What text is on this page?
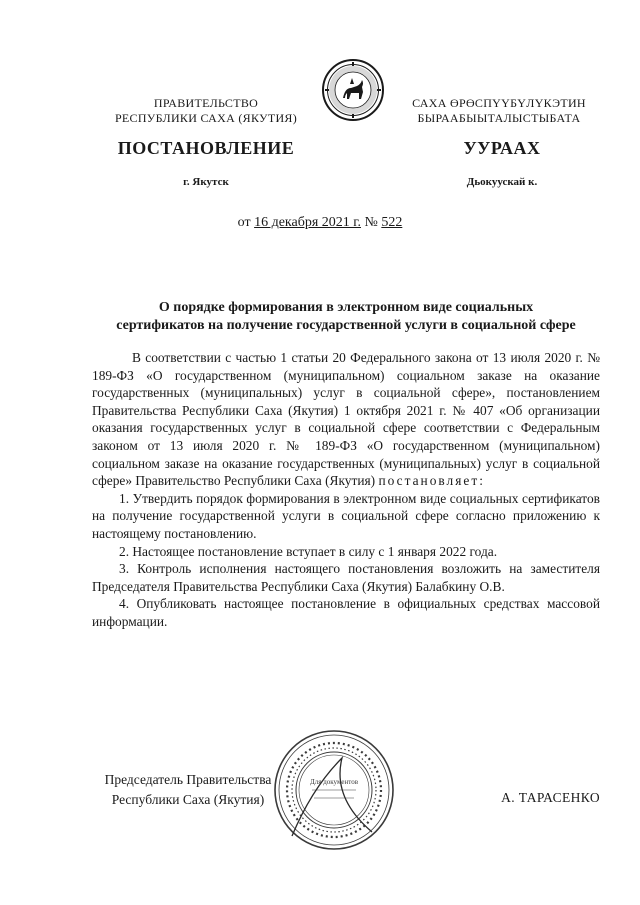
ПРАВИТЕЛЬСТВО
РЕСПУБЛИКИ САХА (ЯКУТИЯ)
САХА ӨРӨСПҮҮБҮЛҮКЭТИН
БЫРААБЫЫТАЛЫСТЫБАТА
ПОСТАНОВЛЕНИЕ	УУРААХ
г. Якутск	Дьокуускай к.
от 16 декабря 2021 г. № 522
О порядке формирования в электронном виде социальных
сертификатов на получение государственной услуги в социальной сфере

В соответствии с частью 1 статьи 20 Федерального закона от 13 июля 2020 г. № 189-ФЗ «О государственном (муниципальном) социальном заказе на оказание государственных (муниципальных) услуг в социальной сфере», постановлением Правительства Республики Саха (Якутия) 1 октября 2021 г. № 407 «Об организации оказания государственных услуг в социальной сфере соответствии с Федеральным законом от 13 июля 2020 г. № 189-ФЗ «О государственном (муниципальном) социальном заказе на оказание государственных (муниципальных) услуг в социальной сфере» Правительство Республики Саха (Якутия) постановляет:

1. Утвердить порядок формирования в электронном виде социальных сертификатов на получение государственной услуги в социальной сфере согласно приложению к настоящему постановлению.

2. Настоящее постановление вступает в силу с 1 января 2022 года.

3. Контроль исполнения настоящего постановления возложить на заместителя Председателя Правительства Республики Саха (Якутия) Балабкину О.В.

4. Опубликовать настоящее постановление в официальных средствах массовой информации.

Председатель Правительства
Республики Саха (Якутия)
Для документов
А. ТАРАСЕНКО
